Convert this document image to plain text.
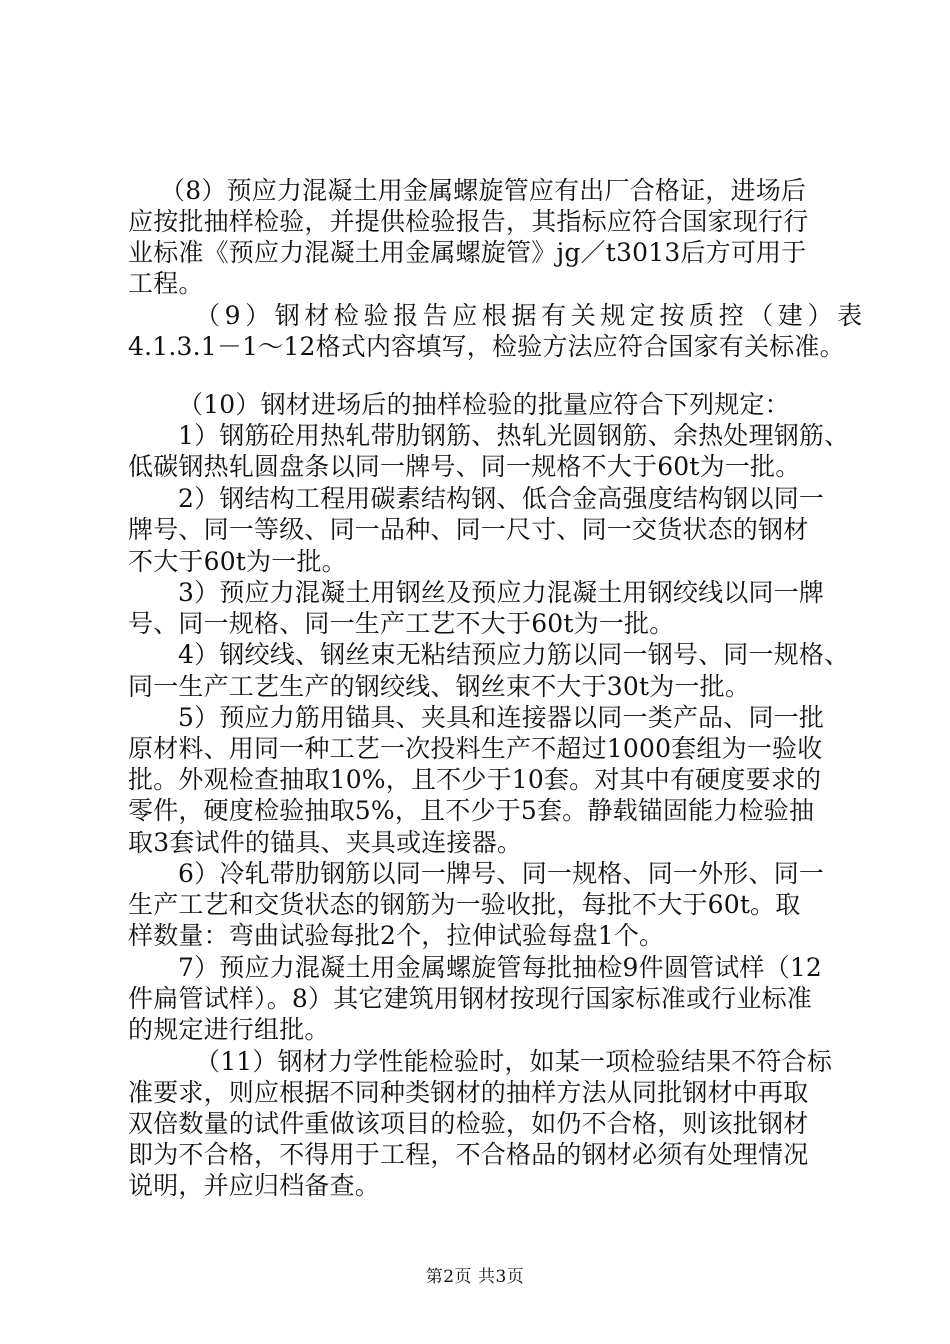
（8）预应力混凝土用金属螺旋管应有出厂合格证，进场后

应按批抽样检验，并提供检验报告，其指标应符合国家现行行

业标准《预应力混凝土用金属螺旋管》jg／t3013后方可用于

工程。

（9）钢材检验报告应根据有关规定按质控（建）表

4.1.3.1－1～12格式内容填写，检验方法应符合国家有关标准。

（10）钢材进场后的抽样检验的批量应符合下列规定：

1）钢筋砼用热轧带肋钢筋、热轧光圆钢筋、余热处理钢筋、

低碳钢热轧圆盘条以同一牌号、同一规格不大于60t为一批。

2）钢结构工程用碳素结构钢、低合金高强度结构钢以同一

牌号、同一等级、同一品种、同一尺寸、同一交货状态的钢材

不大于60t为一批。

3）预应力混凝土用钢丝及预应力混凝土用钢绞线以同一牌

号、同一规格、同一生产工艺不大于60t为一批。

4）钢绞线、钢丝束无粘结预应力筋以同一钢号、同一规格、

同一生产工艺生产的钢绞线、钢丝束不大于30t为一批。

5）预应力筋用锚具、夹具和连接器以同一类产品、同一批

原材料、用同一种工艺一次投料生产不超过1000套组为一验收

批。外观检查抽取10%，且不少于10套。对其中有硬度要求的

零件，硬度检验抽取5%，且不少于5套。静载锚固能力检验抽

取3套试件的锚具、夹具或连接器。

6）冷轧带肋钢筋以同一牌号、同一规格、同一外形、同一

生产工艺和交货状态的钢筋为一验收批，每批不大于60t。取

样数量：弯曲试验每批2个，拉伸试验每盘1个。

7）预应力混凝土用金属螺旋管每批抽检9件圆管试样（12

件扁管试样）。8）其它建筑用钢材按现行国家标准或行业标准

的规定进行组批。

（11）钢材力学性能检验时，如某一项检验结果不符合标

准要求，则应根据不同种类钢材的抽样方法从同批钢材中再取

双倍数量的试件重做该项目的检验，如仍不合格，则该批钢材

即为不合格，不得用于工程，不合格品的钢材必须有处理情况

说明，并应归档备查。

第2页 共3页
